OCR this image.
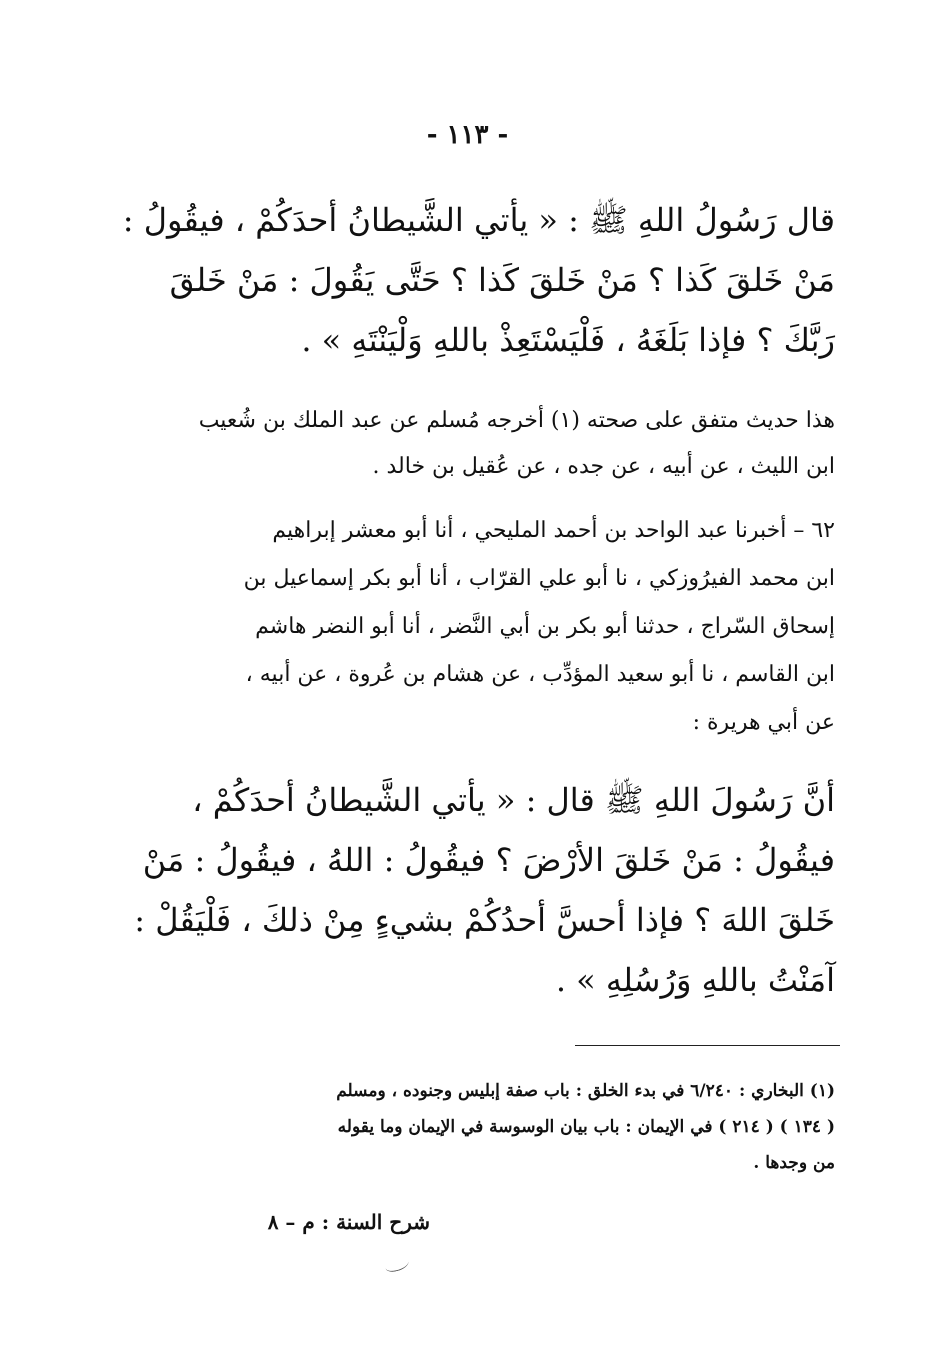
- ١١٣ -
قال رَسُولُ اللهِ ﷺ : « يأتي الشَّيطانُ أحدَكُمْ ، فيقُولُ :
مَنْ خَلقَ كَذا ؟ مَنْ خَلقَ كَذا ؟ حَتَّى يَقُولَ : مَنْ خَلقَ
رَبَّكَ ؟ فإذا بَلَغَهُ ، فَلْيَسْتَعِذْ باللهِ وَلْيَنْتَهِ » .
هذا حديث متفق على صحته (١) أخرجه مُسلم عن عبد الملك بن شُعيب
ابن الليث ، عن أبيه ، عن جده ، عن عُقيل بن خالد .
٦٢ – أخبرنا عبد الواحد بن أحمد المليحي ، أنا أبو معشر إبراهيم
ابن محمد الفيرُوزكي ، نا أبو علي القرّاب ، أنا أبو بكر إسماعيل بن
إسحاق السّراج ، حدثنا أبو بكر بن أبي النَّضر ، أنا أبو النضر هاشم
ابن القاسم ، نا أبو سعيد المؤدِّب ، عن هشام بن عُروة ، عن أبيه ،
عن أبي هريرة :
أنَّ رَسُولَ اللهِ ﷺ قال : « يأتي الشَّيطانُ أحدَكُمْ ،
فيقُولُ : مَنْ خَلقَ الأرْضَ ؟ فيقُولُ : اللهُ ، فيقُولُ : مَنْ
خَلقَ اللهَ ؟ فإذا أحسَّ أحدُكُمْ بشيءٍ مِنْ ذلكَ ، فَلْيَقُلْ :
آمَنْتُ باللهِ وَرُسُلِهِ » .
(١) البخاري : ٦/٢٤٠ في بدء الخلق : باب صفة إبليس وجنوده ، ومسلم
( ١٣٤ ) ( ٢١٤ ) في الإيمان : باب بيان الوسوسة في الإيمان وما يقوله
من وجدها .
شرح السنة : م – ٨
